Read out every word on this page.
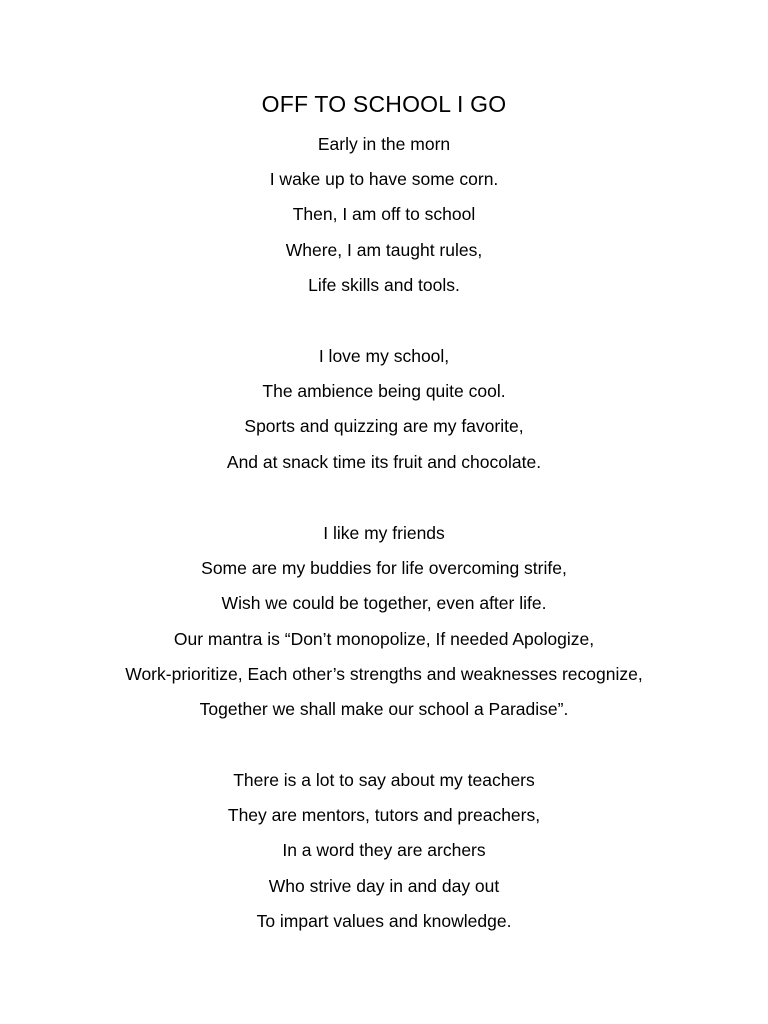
OFF TO SCHOOL I GO
Early in the morn
I wake up to have some corn.
Then, I am off to school
Where, I am taught rules,
Life skills and tools.
I love my school,
The ambience being quite cool.
Sports and quizzing are my favorite,
And at snack time its fruit and chocolate.
I like my friends
Some are my buddies for life overcoming strife,
Wish we could be together, even after life.
Our mantra is “Don’t monopolize, If needed Apologize,
Work-prioritize, Each other’s strengths and weaknesses recognize,
Together we shall make our school a Paradise”.
There is a lot to say about my teachers
They are mentors, tutors and preachers,
In a word they are archers
Who strive day in and day out
To impart values and knowledge.
